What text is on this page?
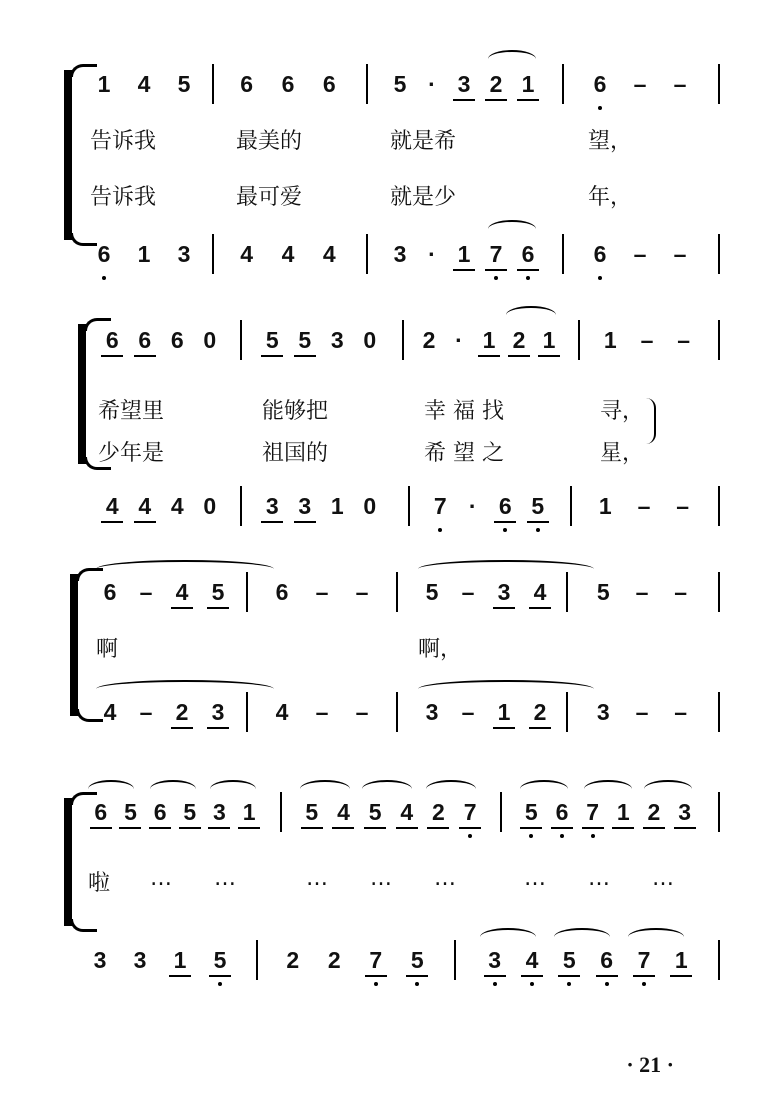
1 4 5 6 6 6	5 · 3 2 1	6 – –
告诉我	最美的	就是希	望，
告诉我	最可爱	就是少	年，
6 1 3 4 4 4	3 · 1 7 6	6 – –
6 6 6 0 5 5 3 0 2 · 1 2 1 1 – –
希望里	能够把	幸 福 找	寻，
少年是	祖国的	希 望 之	星，
4 4 4 0 3 3 1 0	7 · 6 5 1 – –
6 – 4 5 6 – – 5 – 3 4 5 – –
啊	啊，
4 – 2 3 4 – – 3 – 1 2 3 – –
6 5 6 5 3 1 5 4 5 4 2 7 5 6 7 1 2 3
啦 … …	… … …	… … …
3 3 1 5	2 2 7 5	3 4 5 6 7 1
· 21 ·
